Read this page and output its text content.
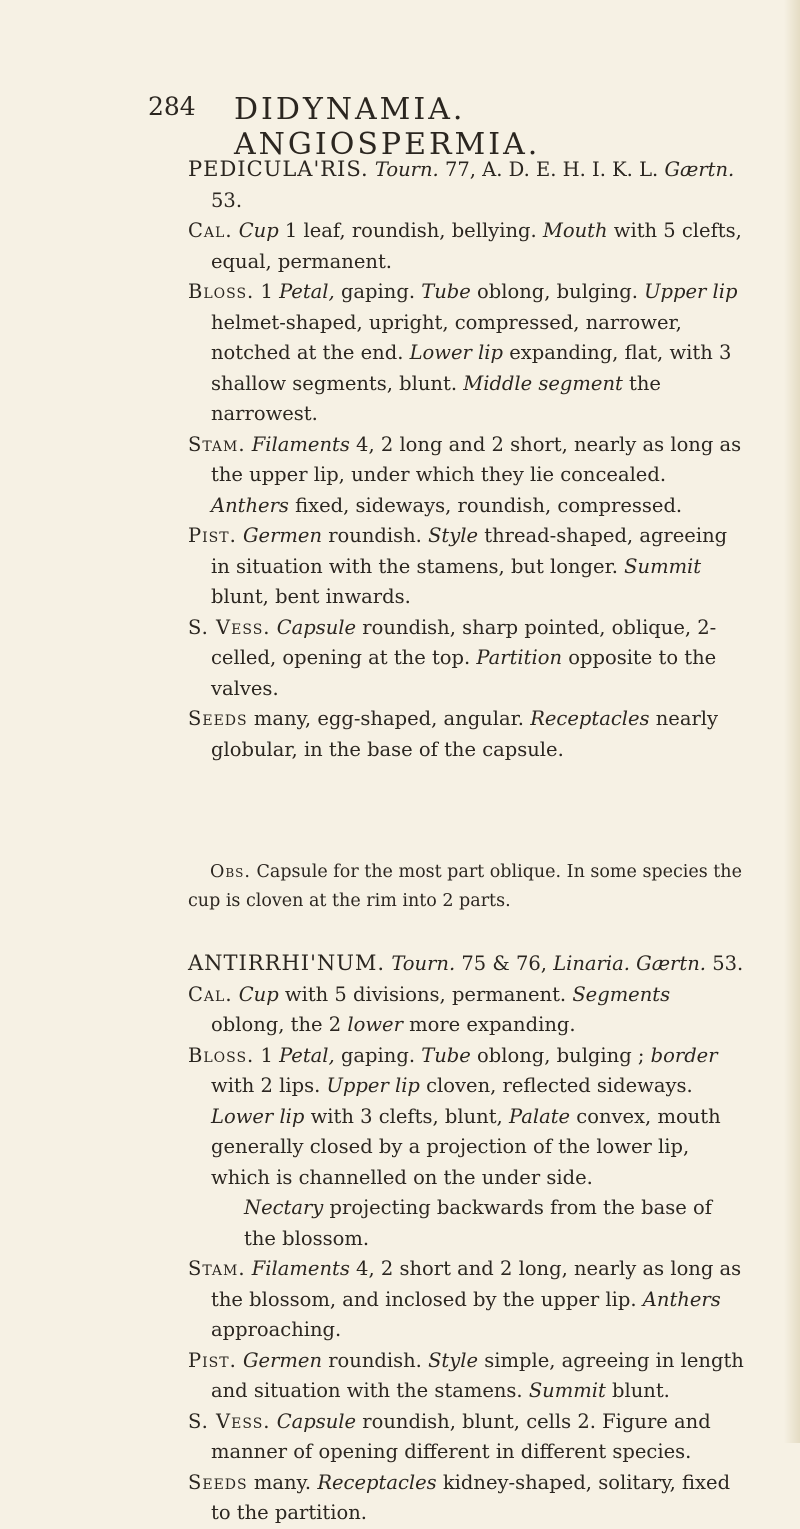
284 DIDYNAMIA. ANGIOSPERMIA.

PEDICULA'RIS. Tourn. 77, A. D. E. H. I. K. L. Gærtn. 53.

Cal. Cup 1 leaf, roundish, bellying. Mouth with 5 clefts, equal, permanent.

Bloss. 1 Petal, gaping. Tube oblong, bulging. Upper lip helmet-shaped, upright, compressed, narrower, notched at the end. Lower lip expanding, flat, with 3 shallow segments, blunt. Middle segment the narrowest.

Stam. Filaments 4, 2 long and 2 short, nearly as long as the upper lip, under which they lie concealed. Anthers fixed, sideways, roundish, compressed.

Pist. Germen roundish. Style thread-shaped, agreeing in situation with the stamens, but longer. Summit blunt, bent inwards.

S. Vess. Capsule roundish, sharp pointed, oblique, 2-celled, opening at the top. Partition opposite to the valves.

Seeds many, egg-shaped, angular. Receptacles nearly globular, in the base of the capsule.

Obs. Capsule for the most part oblique. In some species the cup is cloven at the rim into 2 parts.

ANTIRRHI'NUM. Tourn. 75 & 76, Linaria. Gærtn. 53.

Cal. Cup with 5 divisions, permanent. Segments oblong, the 2 lower more expanding.

Bloss. 1 Petal, gaping. Tube oblong, bulging ; border with 2 lips. Upper lip cloven, reflected sideways. Lower lip with 3 clefts, blunt, Palate convex, mouth generally closed by a projection of the lower lip, which is channelled on the under side.

Nectary projecting backwards from the base of the blossom.

Stam. Filaments 4, 2 short and 2 long, nearly as long as the blossom, and inclosed by the upper lip. Anthers approaching.

Pist. Germen roundish. Style simple, agreeing in length and situation with the stamens. Summit blunt.

S. Vess. Capsule roundish, blunt, cells 2. Figure and manner of opening different in different species.

Seeds many. Receptacles kidney-shaped, solitary, fixed to the partition.
